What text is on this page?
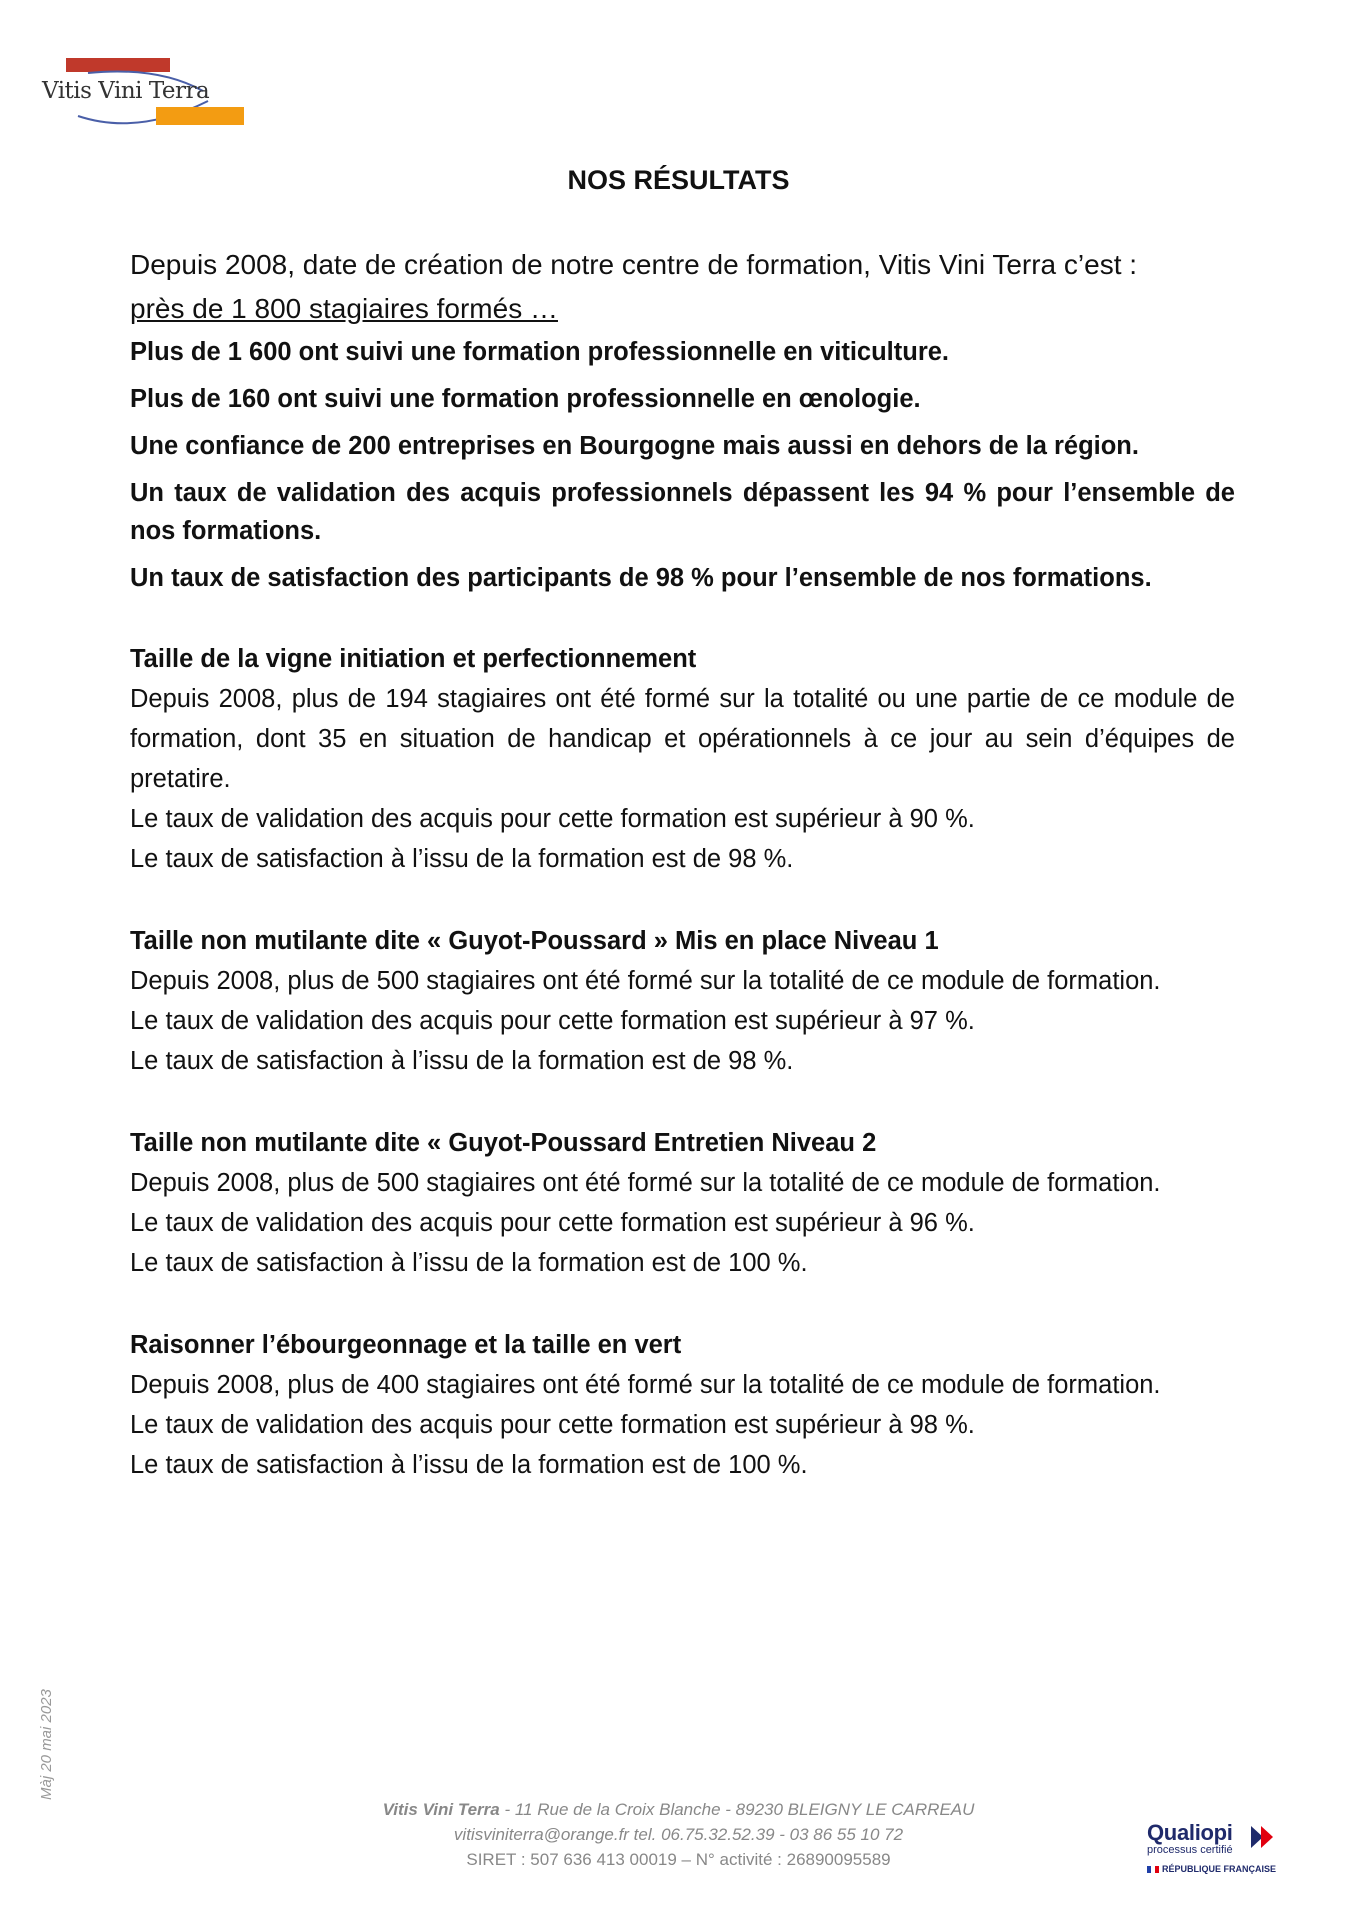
Vitis Vini Terra
NOS RÉSULTATS
Depuis 2008, date de création de notre centre de formation, Vitis Vini Terra c’est :
près de 1 800 stagiaires formés …
Plus de 1 600 ont suivi une formation professionnelle en viticulture.
Plus de 160 ont suivi une formation professionnelle en œnologie.
Une confiance de 200 entreprises en Bourgogne mais aussi en dehors de la région.
Un taux de validation des acquis professionnels dépassent les 94 % pour l’ensemble de nos formations.
Un taux de satisfaction des participants de 98 % pour l’ensemble de nos formations.
Taille de la vigne initiation et perfectionnement
Depuis 2008, plus de 194 stagiaires ont été formé sur la totalité ou une partie de ce module de formation, dont 35 en situation de handicap et opérationnels à ce jour au sein d’équipes de pretatire.
Le taux de validation des acquis pour cette formation est supérieur à 90 %.
Le taux de satisfaction à l’issu de la formation est de 98 %.
Taille non mutilante dite « Guyot-Poussard » Mis en place Niveau 1
Depuis 2008, plus de 500 stagiaires ont été formé sur la totalité de ce module de formation.
Le taux de validation des acquis pour cette formation est supérieur à 97 %.
Le taux de satisfaction à l’issu de la formation est de 98 %.
Taille non mutilante dite « Guyot-Poussard Entretien Niveau 2
Depuis 2008, plus de 500 stagiaires ont été formé sur la totalité de ce module de formation.
Le taux de validation des acquis pour cette formation est supérieur à 96 %.
Le taux de satisfaction à l’issu de la formation est de 100 %.
Raisonner l’ébourgeonnage et la taille en vert
Depuis 2008, plus de 400 stagiaires ont été formé sur la totalité de ce module de formation.
Le taux de validation des acquis pour cette formation est supérieur à 98 %.
Le taux de satisfaction à l’issu de la formation est de 100 %.
Màj 20 mai 2023
Vitis Vini Terra - 11 Rue de la Croix Blanche - 89230 BLEIGNY LE CARREAU
vitisviniterra@orange.fr tel. 06.75.32.52.39 - 03 86 55 10 72
SIRET : 507 636 413 00019 – N° activité : 26890095589
Qualiopi
processus certifié
RÉPUBLIQUE FRANÇAISE
